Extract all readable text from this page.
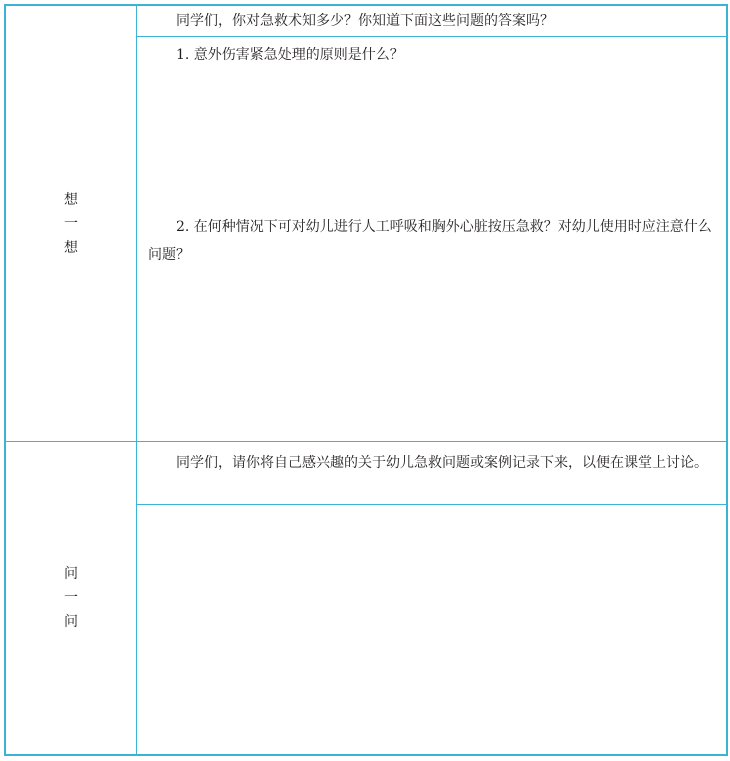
想
一
想

同学们，你对急救术知多少？你知道下面这些问题的答案吗？

1. 意外伤害紧急处理的原则是什么？

2. 在何种情况下可对幼儿进行人工呼吸和胸外心脏按压急救？对幼儿使用时应注意什么问题？

问
一
问

同学们，请你将自己感兴趣的关于幼儿急救问题或案例记录下来，以便在课堂上讨论。
